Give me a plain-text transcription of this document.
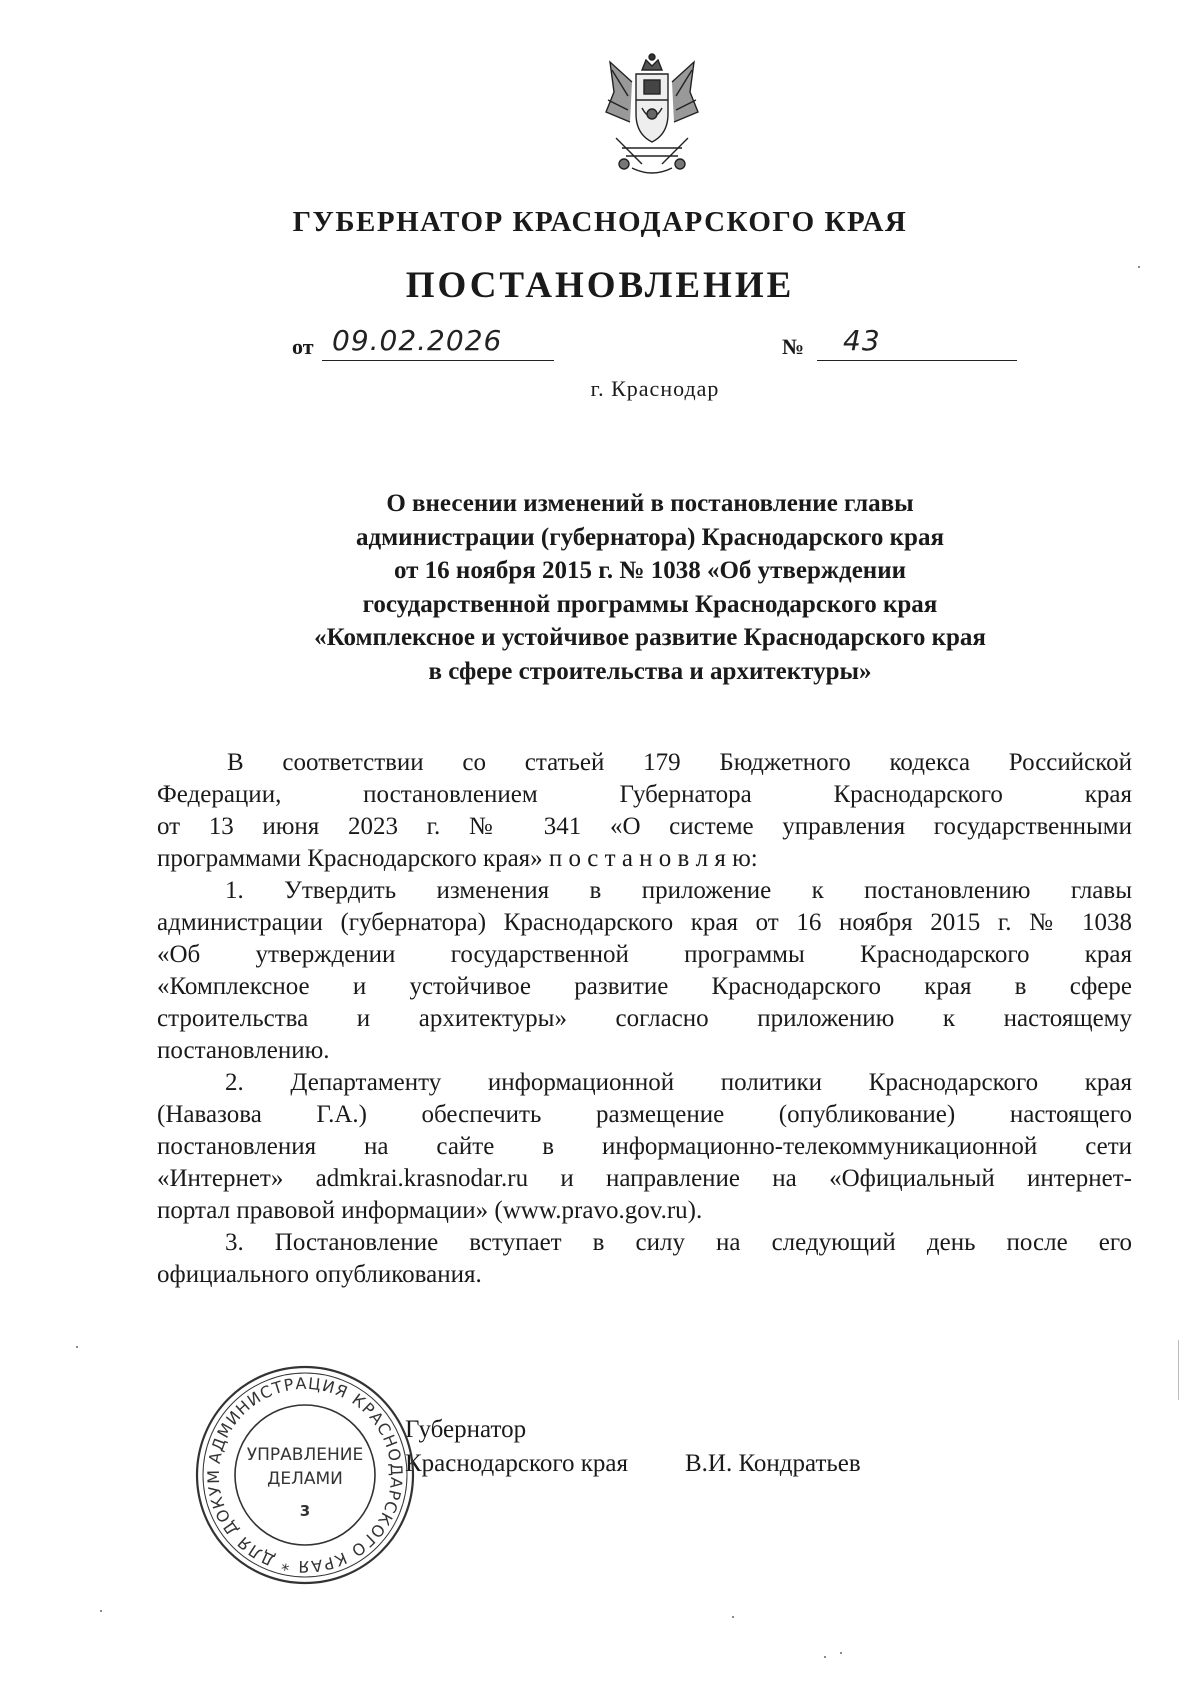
ГУБЕРНАТОР КРАСНОДАРСКОГО КРАЯ
ПОСТАНОВЛЕНИЕ
от 09.02.2026	№ 43
г. Краснодар
О внесении изменений в постановление главы
администрации (губернатора) Краснодарского края
от 16 ноября 2015 г. № 1038 «Об утверждении
государственной программы Краснодарского края
«Комплексное и устойчивое развитие Краснодарского края
в сфере строительства и архитектуры»
В соответствии со статьей 179 Бюджетного кодекса Российской
Федерации, постановлением Губернатора Краснодарского края
от 13 июня 2023 г. № 341 «О системе управления государственными
программами Краснодарского края» п о с т а н о в л я ю:
1. Утвердить изменения в приложение к постановлению главы
администрации (губернатора) Краснодарского края от 16 ноября 2015 г. № 1038
«Об утверждении государственной программы Краснодарского края
«Комплексное и устойчивое развитие Краснодарского края в сфере
строительства и архитектуры» согласно приложению к настоящему
постановлению.
2. Департаменту информационной политики Краснодарского края
(Навазова Г.А.) обеспечить размещение (опубликование) настоящего
постановления на сайте в информационно-телекоммуникационной сети
«Интернет» admkrai.krasnodar.ru и направление на «Официальный интернет-
портал правовой информации» (www.pravo.gov.ru).
3. Постановление вступает в силу на следующий день после его
официального опубликования.
Губернатор
Краснодарского края В.И. Кондратьев
АДМИНИСТРАЦИЯ КРАСНОДАРСКОГО КРАЯ * ДЛЯ ДОКУМ
УПРАВЛЕНИЕ
ДЕЛАМИ
3
